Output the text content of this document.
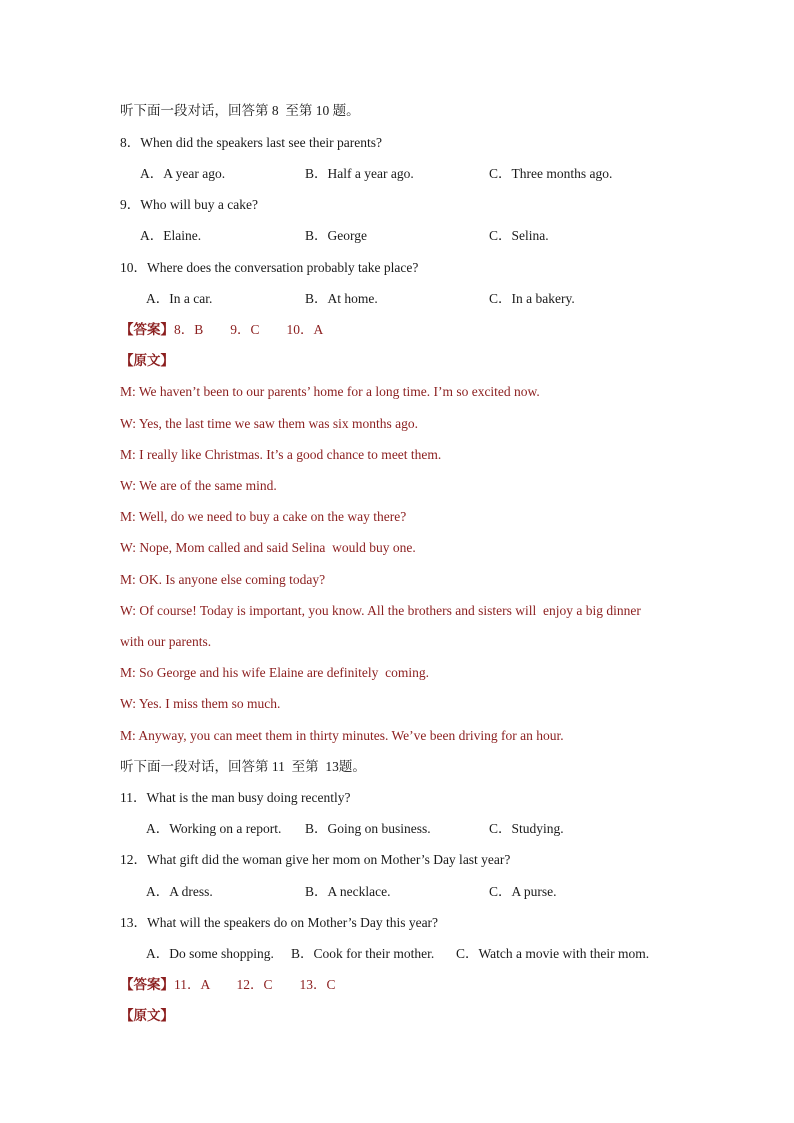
听下面一段对话，回答第 8  至第 10 题。
8．When did the speakers last see their parents?
A．A year ago.	B．Half a year ago.	C．Three months ago.
9．Who will buy a cake?
A．Elaine.	B．George	C．Selina.
10．Where does the conversation probably take place?
A．In a car.	B．At home.	C．In a bakery.
【答案】8．B        9．C        10．A
【原文】
M: We haven’t been to our parents’ home for a long time. I’m so excited now.
W: Yes, the last time we saw them was six months ago.
M: I really like Christmas. It’s a good chance to meet them.
W: We are of the same mind.
M: Well, do we need to buy a cake on the way there?
W: Nope, Mom called and said Selina  would buy one.
M: OK. Is anyone else coming today?
W: Of course! Today is important, you know. All the brothers and sisters will  enjoy a big dinner
with our parents.
M: So George and his wife Elaine are definitely  coming.
W: Yes. I miss them so much.
M: Anyway, you can meet them in thirty minutes. We’ve been driving for an hour.
听下面一段对话，回答第 11  至第  13题。
11．What is the man busy doing recently?
A．Working on a report. B．Going on business.	C．Studying.
12．What gift did the woman give her mom on Mother’s Day last year?
A．A dress.	B．A necklace.	C．A purse.
13．What will the speakers do on Mother’s Day this year?
A．Do some shopping. B．Cook for their mother. C．Watch a movie with their mom.
【答案】11．A        12．C        13．C
【原文】
